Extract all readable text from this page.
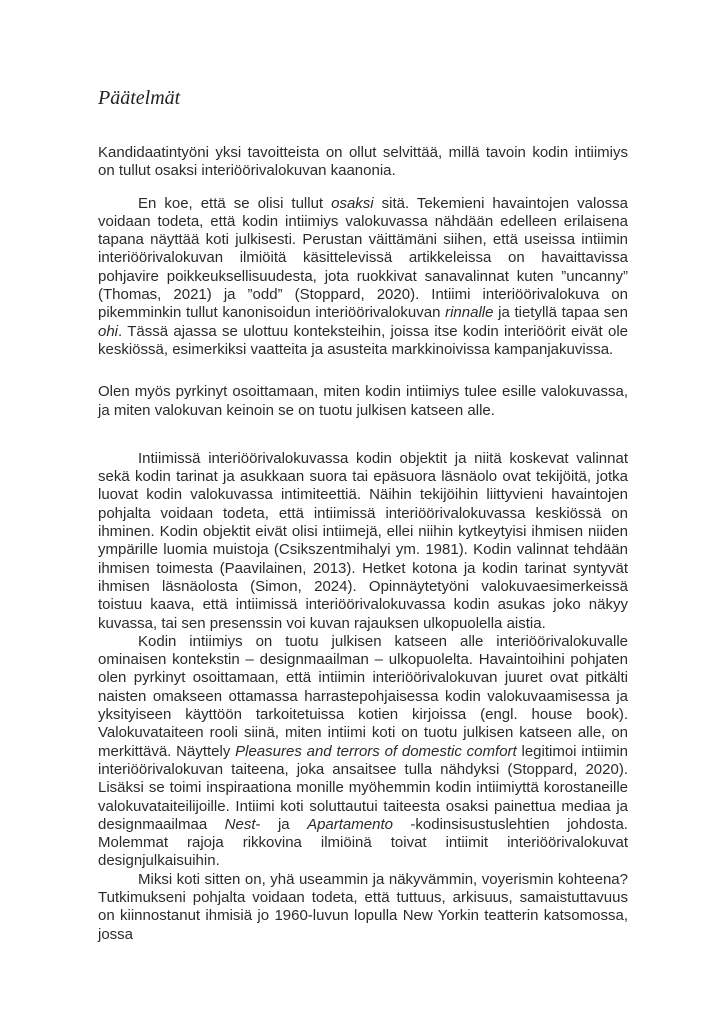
Päätelmät

Kandidaatintyöni yksi tavoitteista on ollut selvittää, millä tavoin kodin intiimiys on tullut osaksi interiöörivalokuvan kaanonia.

En koe, että se olisi tullut osaksi sitä. Tekemieni havaintojen valossa voidaan todeta, että kodin intiimiys valokuvassa nähdään edelleen erilaisena tapana näyttää koti julkisesti. Perustan väittämäni siihen, että useissa intiimin interiöörivalokuvan ilmiöitä käsittelevissä artikkeleissa on havaittavissa pohjavire poikkeuksellisuudesta, jota ruokkivat sanavalinnat kuten ”uncanny” (Thomas, 2021) ja ”odd” (Stoppard, 2020). Intiimi interiöörivalokuva on pikemminkin tullut kanonisoidun interiöörivalokuvan rinnalle ja tietyllä tapaa sen ohi. Tässä ajassa se ulottuu konteksteihin, joissa itse kodin interiöörit eivät ole keskiössä, esimerkiksi vaatteita ja asusteita markkinoivissa kampanjakuvissa.

Olen myös pyrkinyt osoittamaan, miten kodin intiimiys tulee esille valokuvassa, ja miten valokuvan keinoin se on tuotu julkisen katseen alle.

Intiimissä interiöörivalokuvassa kodin objektit ja niitä koskevat valinnat sekä kodin tarinat ja asukkaan suora tai epäsuora läsnäolo ovat tekijöitä, jotka luovat kodin valokuvassa intimiteettiä. Näihin tekijöihin liittyvieni havaintojen pohjalta voidaan todeta, että intiimissä interiöörivalokuvassa keskiössä on ihminen. Kodin objektit eivät olisi intiimejä, ellei niihin kytkeytyisi ihmisen niiden ympärille luomia muistoja (Csikszentmihalyi ym. 1981). Kodin valinnat tehdään ihmisen toimesta (Paavilainen, 2013). Hetket kotona ja kodin tarinat syntyvät ihmisen läsnäolosta (Simon, 2024). Opinnäytetyöni valokuvaesimerkeissä toistuu kaava, että intiimissä interiöörivalokuvassa kodin asukas joko näkyy kuvassa, tai sen presenssin voi kuvan rajauksen ulkopuolella aistia.

Kodin intiimiys on tuotu julkisen katseen alle interiöörivalokuvalle ominaisen kontekstin – designmaailman – ulkopuolelta. Havaintoihini pohjaten olen pyrkinyt osoittamaan, että intiimin interiöörivalokuvan juuret ovat pitkälti naisten omakseen ottamassa harrastepohjaisessa kodin valokuvaamisessa ja yksityiseen käyttöön tarkoitetuissa kotien kirjoissa (engl. house book). Valokuvataiteen rooli siinä, miten intiimi koti on tuotu julkisen katseen alle, on merkittävä. Näyttely Pleasures and terrors of domestic comfort legitimoi intiimin interiöörivalokuvan taiteena, joka ansaitsee tulla nähdyksi (Stoppard, 2020). Lisäksi se toimi inspiraationa monille myöhemmin kodin intiimiyttä korostaneille valokuvataiteilijoille. Intiimi koti soluttautui taiteesta osaksi painettua mediaa ja designmaailmaa Nest- ja Apartamento -kodinsisustuslehtien johdosta. Molemmat rajoja rikkovina ilmiöinä toivat intiimit interiöörivalokuvat designjulkaisuihin.

Miksi koti sitten on, yhä useammin ja näkyvämmin, voyerismin kohteena? Tutkimukseni pohjalta voidaan todeta, että tuttuus, arkisuus, samaistuttavuus on kiinnostanut ihmisiä jo 1960-luvun lopulla New Yorkin teatterin katsomossa, jossa
